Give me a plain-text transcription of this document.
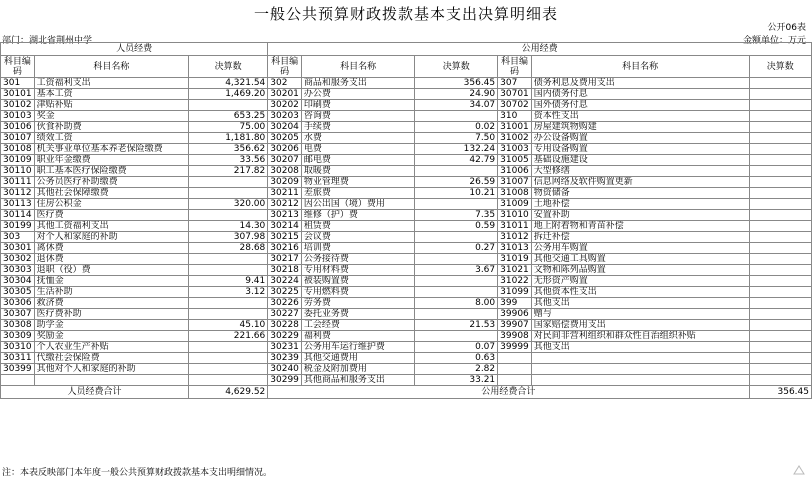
一般公共预算财政拨款基本支出决算明细表
公开06表
部门：湖北省荆州中学	金额单位：万元
人员经费			公用经费					
科目编码	科目名称	决算数	科目编码	科目名称	决算数	科目编码	科目名称	决算数
301	工资福利支出	4,321.54	302	商品和服务支出	356.45	307	债务利息及费用支出	
30101	基本工资	1,469.20	30201	办公费	24.90	30701	国内债务付息	
30102	津贴补贴		30202	印刷费	34.07	30702	国外债务付息	
30103	奖金	653.25	30203	咨询费		310	资本性支出	
30106	伙食补助费	75.00	30204	手续费	0.02	31001	房屋建筑物购建	
30107	绩效工资	1,181.80	30205	水费	7.50	31002	办公设备购置	
30108	机关事业单位基本养老保险缴费	356.62	30206	电费	132.24	31003	专用设备购置	
30109	职业年金缴费	33.56	30207	邮电费	42.79	31005	基础设施建设	
30110	职工基本医疗保险缴费	217.82	30208	取暖费		31006	大型修缮	
30111	公务员医疗补助缴费		30209	物业管理费	26.59	31007	信息网络及软件购置更新	
30112	其他社会保障缴费		30211	差旅费	10.21	31008	物资储备	
30113	住房公积金	320.00	30212	因公出国（境）费用		31009	土地补偿	
30114	医疗费		30213	维修（护）费	7.35	31010	安置补助	
30199	其他工资福利支出	14.30	30214	租赁费	0.59	31011	地上附着物和青苗补偿	
303	对个人和家庭的补助	307.98	30215	会议费		31012	拆迁补偿	
30301	离休费	28.68	30216	培训费	0.27	31013	公务用车购置	
30302	退休费		30217	公务接待费		31019	其他交通工具购置	
30303	退职（役）费		30218	专用材料费	3.67	31021	文物和陈列品购置	
30304	抚恤金	9.41	30224	被装购置费		31022	无形资产购置	
30305	生活补助	3.12	30225	专用燃料费		31099	其他资本性支出	
30306	救济费		30226	劳务费	8.00	399	其他支出	
30307	医疗费补助		30227	委托业务费		39906	赠与	
30308	助学金	45.10	30228	工会经费	21.53	39907	国家赔偿费用支出	
30309	奖励金	221.66	30229	福利费		39908	对民间非营利组织和群众性自治组织补贴	
30310	个人农业生产补贴		30231	公务用车运行维护费	0.07	39999	其他支出	
30311	代缴社会保险费		30239	其他交通费用	0.63			
30399	其他对个人和家庭的补助		30240	税金及附加费用	2.82			
			30299	其他商品和服务支出	33.21			
人员经费合计		4,629.52	公用经费合计					356.45
注：本表反映部门本年度一般公共预算财政拨款基本支出明细情况。
